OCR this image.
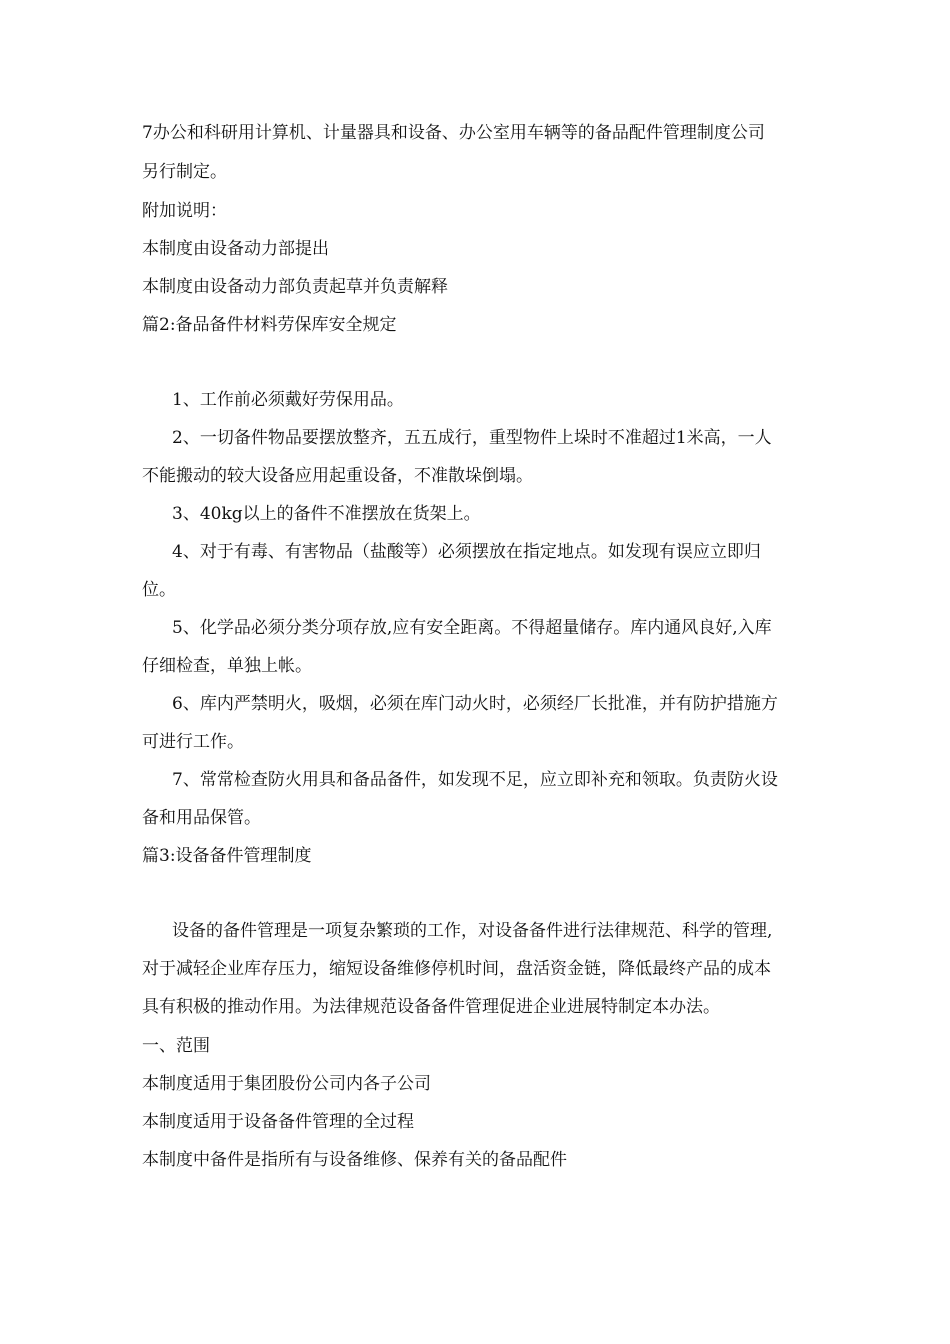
7办公和科研用计算机、计量器具和设备、办公室用车辆等的备品配件管理制度公司
另行制定。
附加说明：
本制度由设备动力部提出
本制度由设备动力部负责起草并负责解释
篇2:备品备件材料劳保库安全规定
1、工作前必须戴好劳保用品。
2、一切备件物品要摆放整齐，五五成行，重型物件上垛时不准超过1米高，一人
不能搬动的较大设备应用起重设备，不准散垛倒塌。
3、40kg以上的备件不准摆放在货架上。
4、对于有毒、有害物品（盐酸等）必须摆放在指定地点。如发现有误应立即归
位。
5、化学品必须分类分项存放,应有安全距离。不得超量储存。库内通风良好,入库
仔细检查，单独上帐。
6、库内严禁明火，吸烟，必须在库门动火时，必须经厂长批准，并有防护措施方
可进行工作。
7、常常检查防火用具和备品备件，如发现不足，应立即补充和领取。负责防火设
备和用品保管。
篇3:设备备件管理制度
设备的备件管理是一项复杂繁琐的工作，对设备备件进行法律规范、科学的管理,
对于减轻企业库存压力，缩短设备维修停机时间，盘活资金链，降低最终产品的成本
具有积极的推动作用。为法律规范设备备件管理促进企业进展特制定本办法。
一、范围
本制度适用于集团股份公司内各子公司
本制度适用于设备备件管理的全过程
本制度中备件是指所有与设备维修、保养有关的备品配件
